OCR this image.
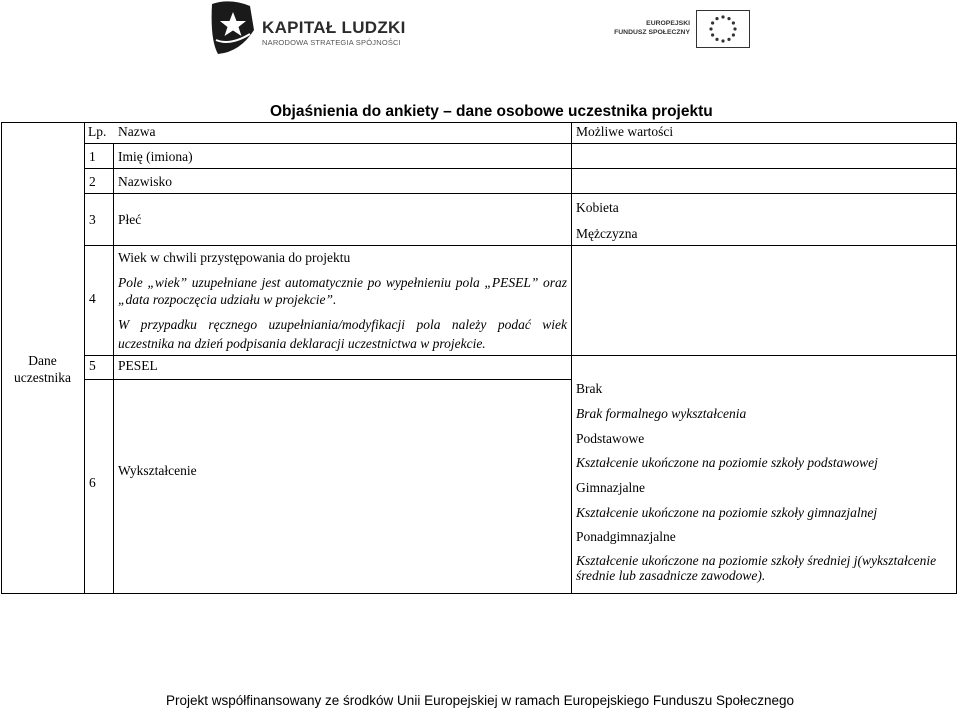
KAPITAŁ LUDZKI
NARODOWA STRATEGIA SPÓJNOŚCI
EUROPEJSKI FUNDUSZ SPOŁECZNY
Objaśnienia do ankiety – dane osobowe uczestnika projektu
Lp. Nazwa	Możliwe wartości
Dane uczestnika
1 Imię (imiona)
2 Nazwisko
3 Płeć
Kobieta
Mężczyzna
4
Wiek w chwili przystępowania do projektu
Pole „wiek” uzupełniane jest automatycznie po wypełnieniu pola „PESEL” oraz „data rozpoczęcia udziału w projekcie”.
W przypadku ręcznego uzupełniania/modyfikacji pola należy podać wiek uczestnika na dzień podpisania deklaracji uczestnictwa w projekcie.
5 PESEL
6
Wykształcenie
Brak
Brak formalnego wykształcenia
Podstawowe
Kształcenie ukończone na poziomie szkoły podstawowej
Gimnazjalne
Kształcenie ukończone na poziomie szkoły gimnazjalnej
Ponadgimnazjalne
Kształcenie ukończone na poziomie szkoły średniej j(wykształcenie średnie lub zasadnicze zawodowe).
Projekt współfinansowany ze środków Unii Europejskiej w ramach Europejskiego Funduszu Społecznego
